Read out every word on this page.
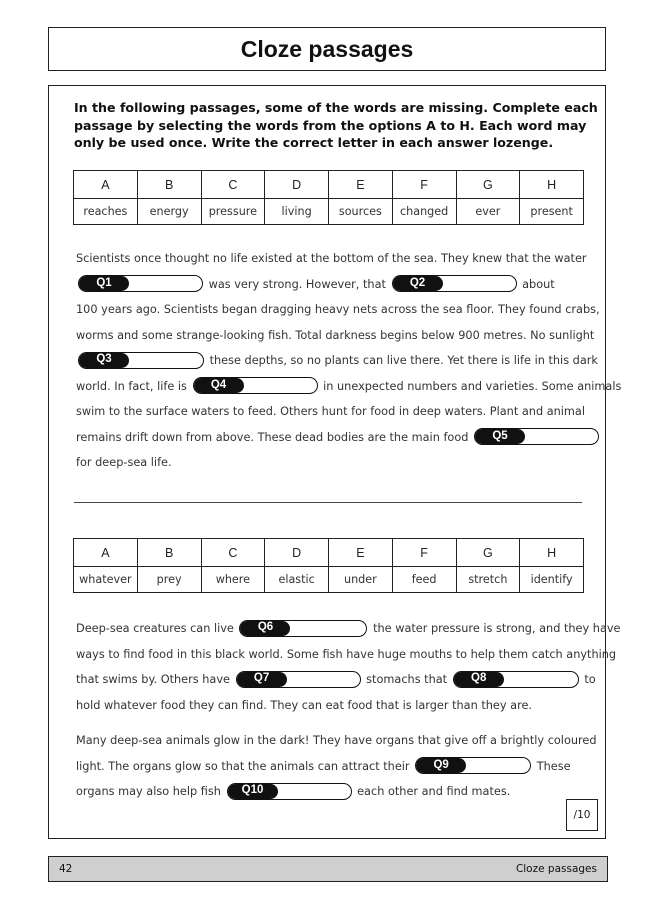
Cloze passages

In the following passages, some of the words are missing. Complete each passage by selecting the words from the options A to H. Each word may only be used once. Write the correct letter in each answer lozenge.

A	B	C	D	E	F	G	H
reaches	energy	pressure	living	sources	changed	ever	present
Scientists once thought no life existed at the bottom of the sea. They knew that the water
Q1	was very strong. However, that	Q2	about
100 years ago. Scientists began dragging heavy nets across the sea floor. They found crabs,
worms and some strange-looking fish. Total darkness begins below 900 metres. No sunlight
Q3	these depths, so no plants can live there. Yet there is life in this dark
world. In fact, life is	Q4	in unexpected numbers and varieties. Some animals
swim to the surface waters to feed. Others hunt for food in deep waters. Plant and animal
remains drift down from above. These dead bodies are the main food	Q5
for deep-sea life.
A	B	C	D	E	F	G	H
whatever	prey	where	elastic	under	feed	stretch	identify
Deep-sea creatures can live	Q6	the water pressure is strong, and they have
ways to find food in this black world. Some fish have huge mouths to help them catch anything
that swims by. Others have	Q7	stomachs that	Q8	to
hold whatever food they can find. They can eat food that is larger than they are.
Many deep-sea animals glow in the dark! They have organs that give off a brightly coloured
light. The organs glow so that the animals can attract their	Q9	These
organs may also help fish	Q10	each other and find mates.
/10
42	Cloze passages
